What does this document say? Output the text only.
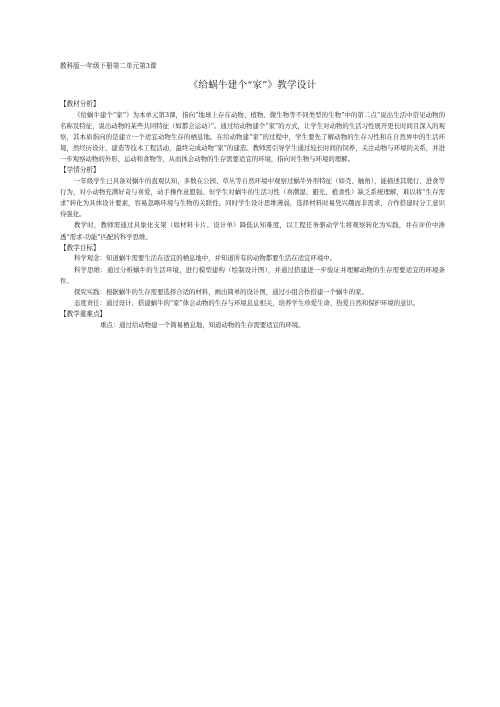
教科版一年级下册第二单元第3课
《给蜗牛建个“家”》教学设计
【教材分析】

《给蜗牛建个“家”》为本单元第3课，指向“地球上存在动物、植物、微生物等不同类型的生物”中的第二点“说出生活中常见动物的名称及特征，说出动物的某些共同特征（如都会运动）”。通过给动物建个“家”的方式，让学生对动物的生活习性展开更长时间且深入的观察，其本质指向的是建立一个适宜动物生存的栖息地。在给动物建“家”的过程中，学生要先了解动物的生存习性和在自然界中的生活环境，然经历设计、建造等技术工程活动，最终完成动物“家”的建造。教师需引导学生通过较长时间的饲养，关注动物与环境的关系，并进一步观察动物的外形、运动和食物等，从而体会动物的生存需要适宜的环境，指向对生物与环境的理解。

【学情分析】

一年级学生已具备对蜗牛的直观认知，多数在公园、草丛等自然环境中观察过蜗牛外形特征（如壳、触角），能描述其爬行、进食等行为，对小动物充满好奇与喜爱，动手操作意愿强。但学生对蜗牛的生活习性（喜潮湿、避光、植食性）缺乏系统理解，难以将“生存需求”转化为具体设计要素，容易忽略环境与生物的关联性。同时学生设计思维薄弱，选择材料时易凭兴趣而非需求，合作搭建时分工意识待强化。

教学时，教师需通过具象化支架（如材料卡片、设计单）降低认知难度，以工程任务驱动学生将观察转化为实践，并在评价中渗透“需求-功能”匹配的科学思维。

【教学目标】

科学观念：知道蜗牛需要生活在适宜的栖息地中，并知道所有的动物都要生活在适宜环境中。

科学思维：通过分析蜗牛的生活环境，进行模型建构（绘制设计图），并通过搭建进一步验证并理解动物的生存需要适宜的环境条件。

探究实践：根据蜗牛的生存需要选择合适的材料，画出简单的设计图，通过小组合作搭建一个蜗牛的家。

态度责任：通过设计、搭建蜗牛的“家”体会动物的生存与环境息息相关，培养学生珍爱生命、热爱自然和保护环境的意识。

【教学重难点】

重点：通过给动物建一个简易栖息地，知道动物的生存需要适宜的环境。
